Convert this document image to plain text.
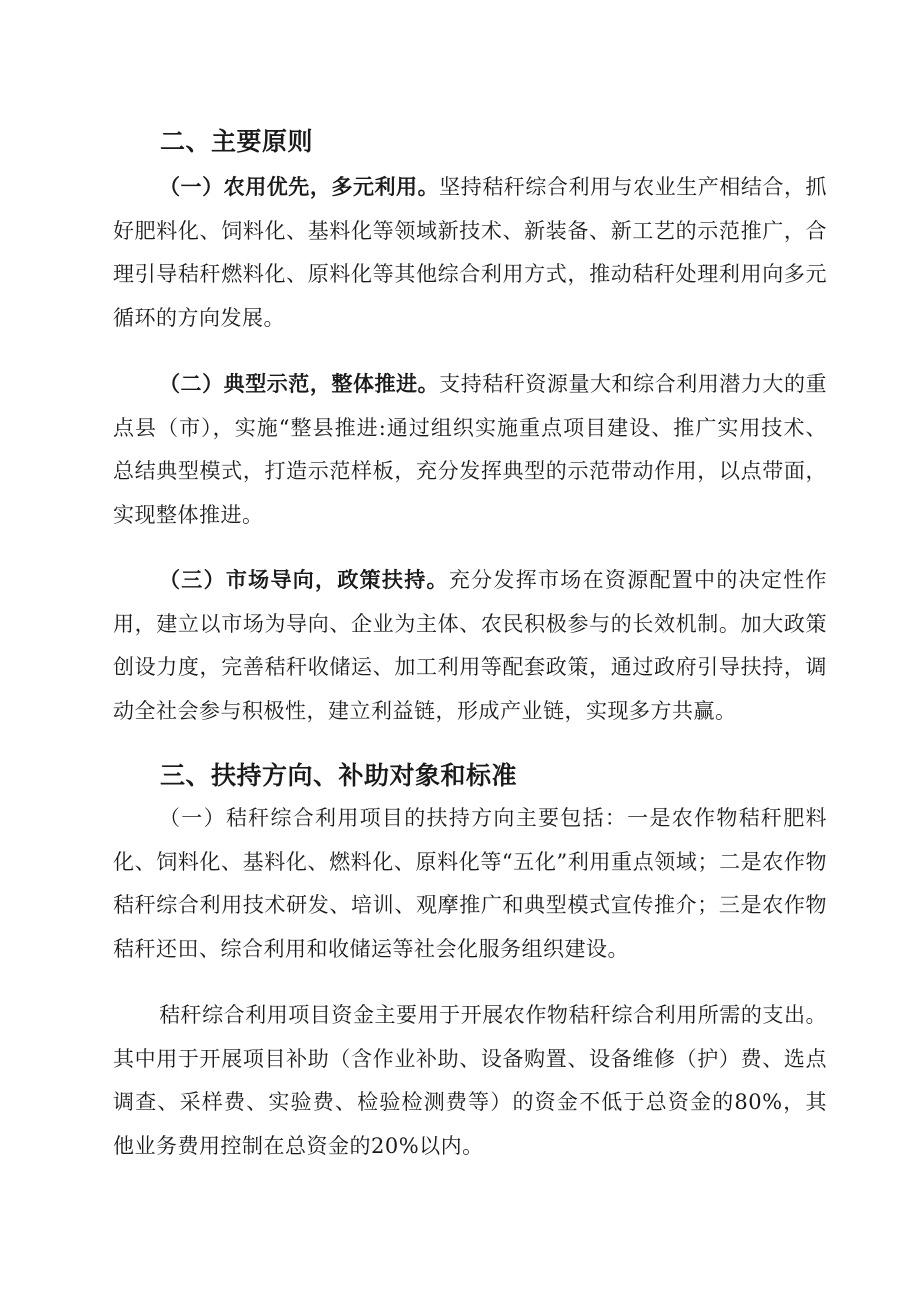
二、主要原则

（一）农用优先，多元利用。坚持秸秆综合利用与农业生产相结合，抓好肥料化、饲料化、基料化等领域新技术、新装备、新工艺的示范推广，合理引导秸秆燃料化、原料化等其他综合利用方式，推动秸秆处理利用向多元循环的方向发展。

（二）典型示范，整体推进。支持秸秆资源量大和综合利用潜力大的重点县（市），实施“整县推进:通过组织实施重点项目建设、推广实用技术、总结典型模式，打造示范样板，充分发挥典型的示范带动作用，以点带面，实现整体推进。

（三）市场导向，政策扶持。充分发挥市场在资源配置中的决定性作用，建立以市场为导向、企业为主体、农民积极参与的长效机制。加大政策创设力度，完善秸秆收储运、加工利用等配套政策，通过政府引导扶持，调动全社会参与积极性，建立利益链，形成产业链，实现多方共赢。

三、扶持方向、补助对象和标准

（一）秸秆综合利用项目的扶持方向主要包括：一是农作物秸秆肥料化、饲料化、基料化、燃料化、原料化等“五化”利用重点领域；二是农作物秸秆综合利用技术研发、培训、观摩推广和典型模式宣传推介；三是农作物秸秆还田、综合利用和收储运等社会化服务组织建设。

秸秆综合利用项目资金主要用于开展农作物秸秆综合利用所需的支出。其中用于开展项目补助（含作业补助、设备购置、设备维修（护）费、选点调查、采样费、实验费、检验检测费等）的资金不低于总资金的80%，其他业务费用控制在总资金的20%以内。
